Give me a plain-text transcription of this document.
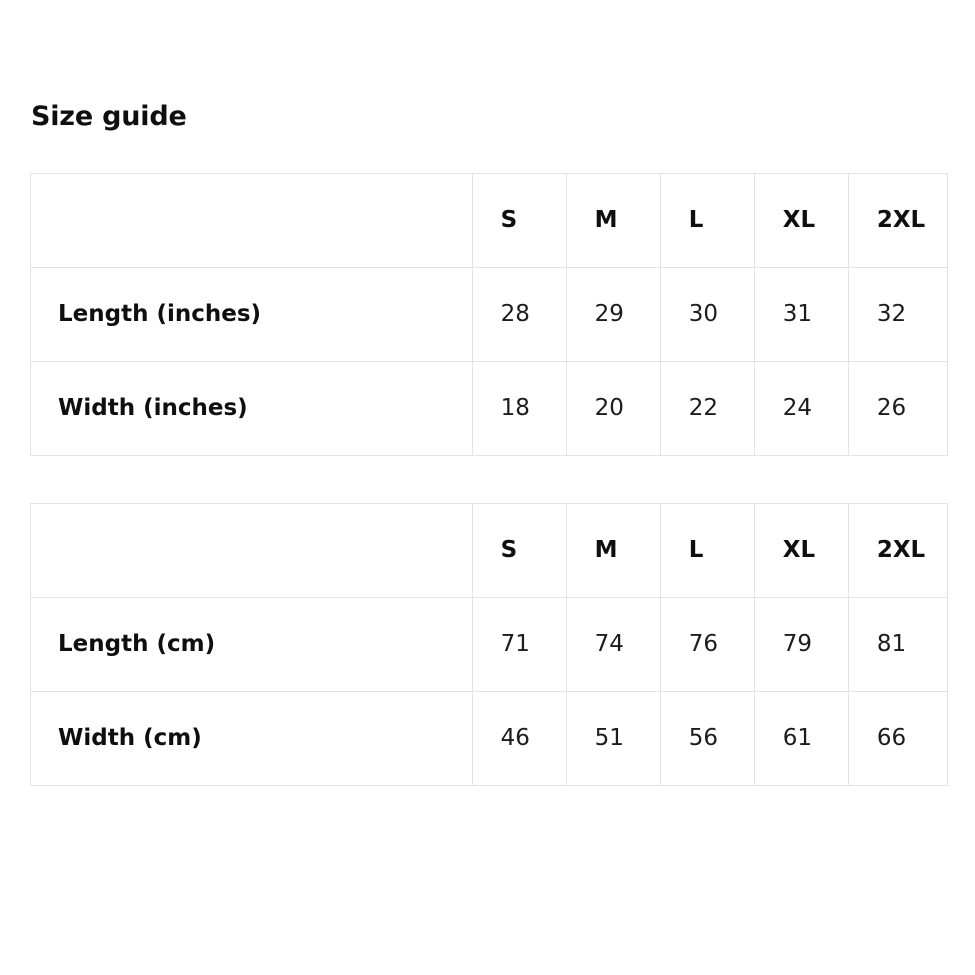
Size guide

	S	M	L	XL	2XL

Length (inches)	28	29	30	31	32

Width (inches)	18	20	22	24	26

	S	M	L	XL	2XL

Length (cm)	71	74	76	79	81

Width (cm)	46	51	56	61	66
